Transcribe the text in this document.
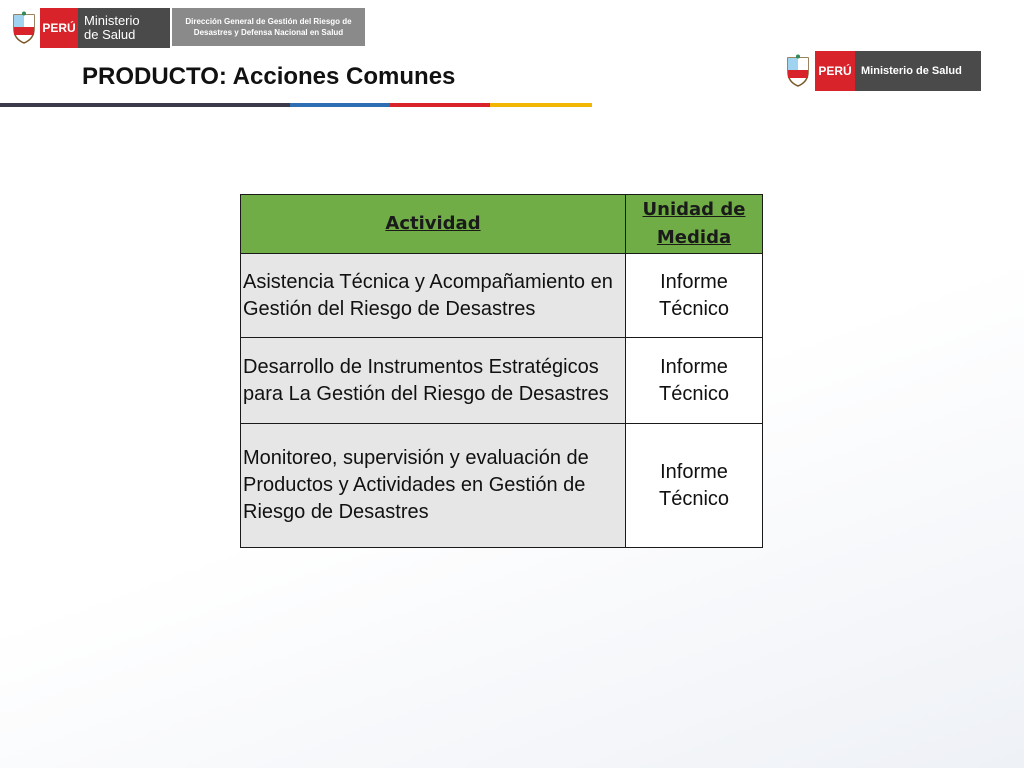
PERÚ Ministerio
de Salud
Dirección General de Gestión del Riesgo de
Desastres y Defensa Nacional en Salud
PRODUCTO: Acciones Comunes	PERÚ Ministerio de Salud
Actividad	Unidad de Medida
Asistencia Técnica y Acompañamiento en Gestión del Riesgo de Desastres	Informe Técnico
Desarrollo de Instrumentos Estratégicos para La Gestión del Riesgo de Desastres	Informe Técnico
Monitoreo, supervisión y evaluación de Productos y Actividades en Gestión de Riesgo de Desastres	Informe Técnico
